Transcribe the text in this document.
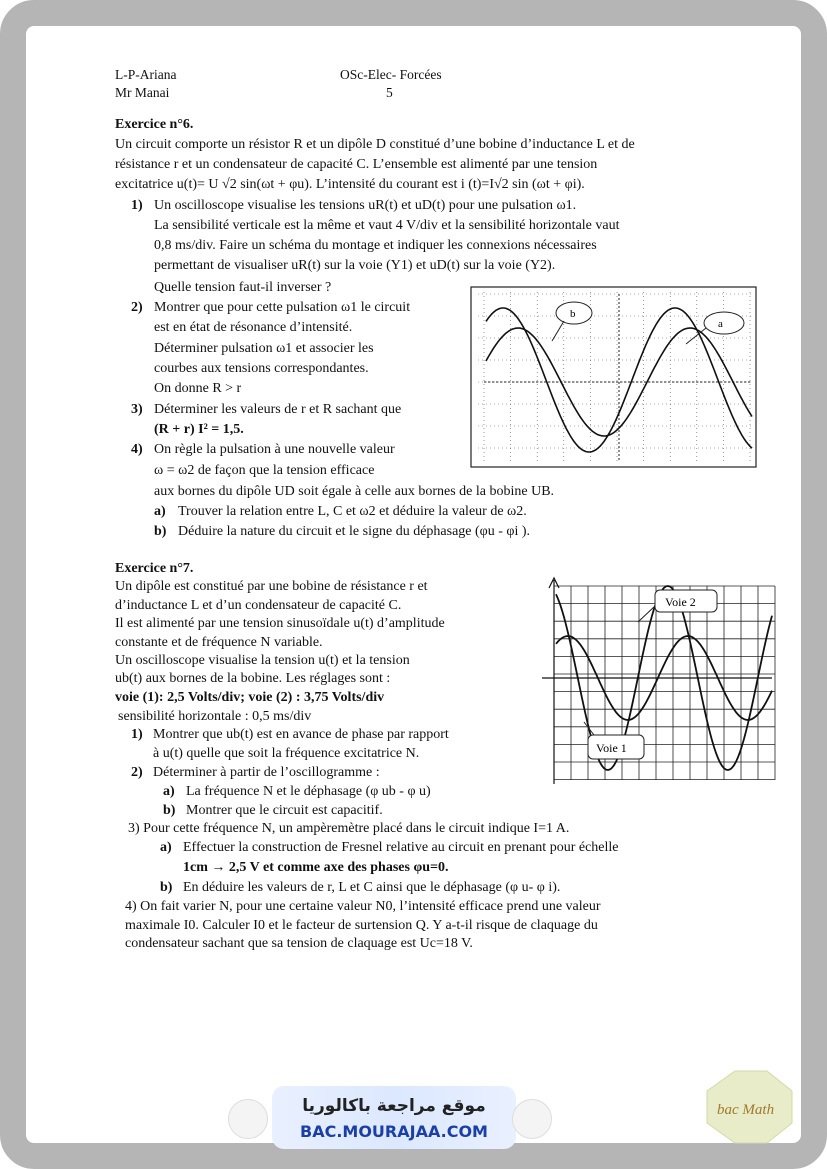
L-P-Ariana
Mr Manai
OSc-Elec- Forcées
5
Exercice n°6.
Un circuit comporte un résistor R et un dipôle D constitué d’une bobine d’inductance L et de
résistance r et un condensateur de capacité C. L’ensemble est alimenté par une tension
excitatrice u(t)= U √2 sin(ωt + φu). L’intensité du courant est i (t)=I√2 sin (ωt + φi).
1) Un oscilloscope visualise les tensions uR(t) et uD(t) pour une pulsation ω1.
La sensibilité verticale est la même et vaut 4 V/div et la sensibilité horizontale vaut
0,8 ms/div. Faire un schéma du montage et indiquer les connexions nécessaires
permettant de visualiser uR(t) sur la voie (Y1) et uD(t) sur la voie (Y2).
Quelle tension faut-il inverser ?
2) Montrer que pour cette pulsation ω1 le circuit
est en état de résonance d’intensité.
Déterminer pulsation ω1 et associer les
courbes aux tensions correspondantes.
On donne R > r
3) Déterminer les valeurs de r et R sachant que
(R + r) I² = 1,5.
4) On règle la pulsation à une nouvelle valeur
ω = ω2 de façon que la tension efficace
aux bornes du dipôle UD soit égale à celle aux bornes de la bobine UB.
a) Trouver la relation entre L, C et ω2 et déduire la valeur de ω2.
b) Déduire la nature du circuit et le signe du déphasage (φu - φi ).
b
a
Exercice n°7.
Un dipôle est constitué par une bobine de résistance r et
d’inductance L et d’un condensateur de capacité C.
Il est alimenté par une tension sinusoïdale u(t) d’amplitude
constante et de fréquence N variable.
Un oscilloscope visualise la tension u(t) et la tension
ub(t) aux bornes de la bobine. Les réglages sont :
voie (1): 2,5 Volts/div; voie (2) : 3,75 Volts/div
sensibilité horizontale : 0,5 ms/div
1) Montrer que ub(t) est en avance de phase par rapport
à u(t) quelle que soit la fréquence excitatrice N.
2) Déterminer à partir de l’oscillogramme :
a) La fréquence N et le déphasage (φ ub - φ u)
b) Montrer que le circuit est capacitif.
3) Pour cette fréquence N, un ampèremètre placé dans le circuit indique I=1 A.
a) Effectuer la construction de Fresnel relative au circuit en prenant pour échelle
1cm → 2,5 V et comme axe des phases φu=0.
b) En déduire les valeurs de r, L et C ainsi que le déphasage (φ u- φ i).
4) On fait varier N, pour une certaine valeur N0, l’intensité efficace prend une valeur
maximale I0. Calculer I0 et le facteur de surtension Q. Y a-t-il risque de claquage du
condensateur sachant que sa tension de claquage est Uc=18 V.
Voie 2
Voie 1
موقع مراجعة باكالوريا
BAC.MOURAJAA.COM
bac Math
